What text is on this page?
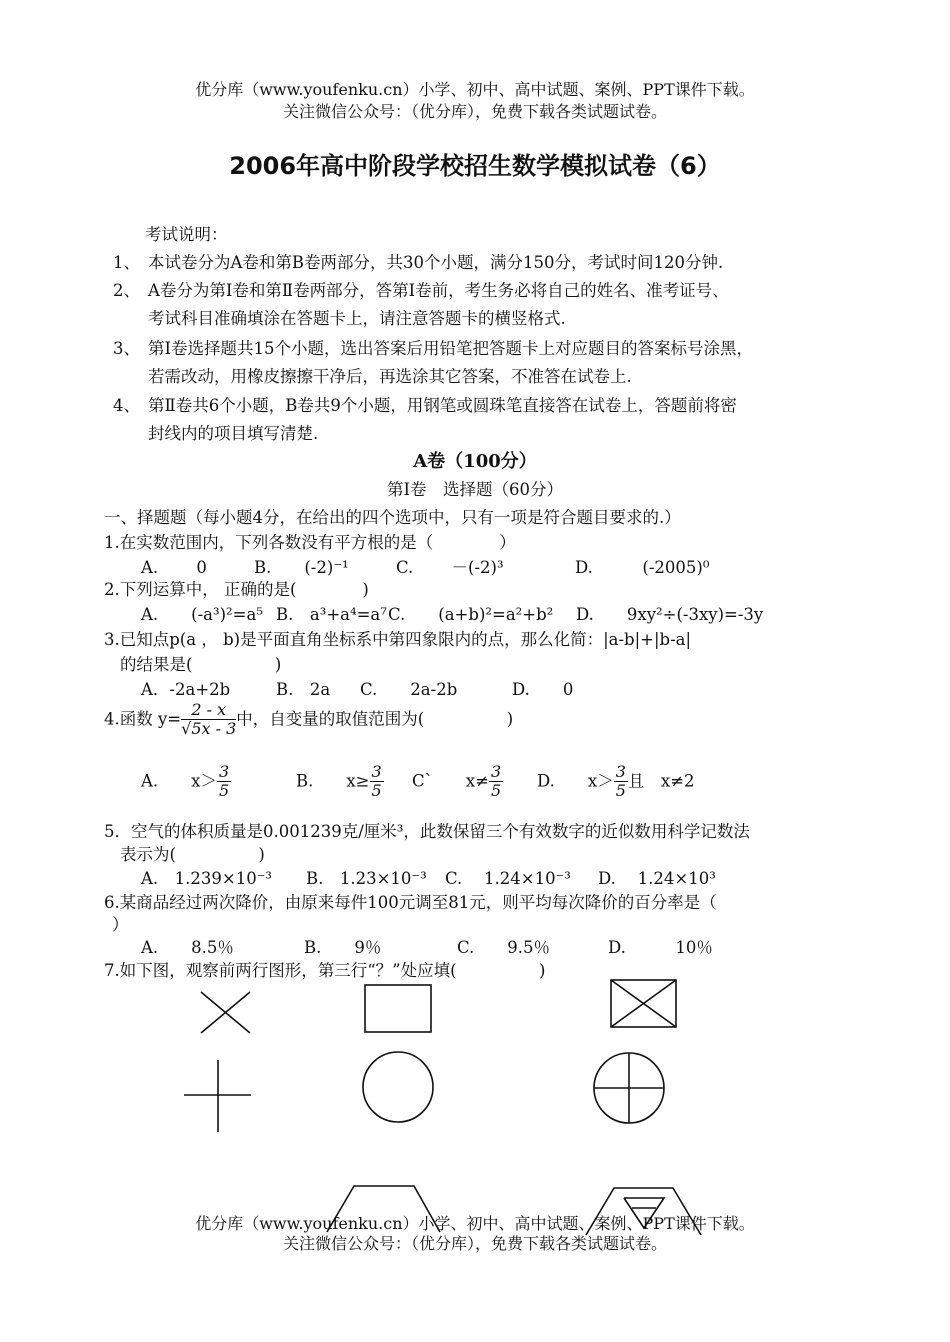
优分库（www.youfenku.cn）小学、初中、高中试题、案例、PPT课件下载。
关注微信公众号：（优分库），免费下载各类试题试卷。
2006年高中阶段学校招生数学模拟试卷（6）
考试说明：
1、 本试卷分为A卷和第B卷两部分，共30个小题，满分150分，考试时间120分钟.
2、 A卷分为第Ⅰ卷和第Ⅱ卷两部分，答第Ⅰ卷前，考生务必将自己的姓名、准考证号、
考试科目准确填涂在答题卡上，请注意答题卡的横竖格式.
3、 第Ⅰ卷选择题共15个小题，选出答案后用铅笔把答题卡上对应题目的答案标号涂黑，
若需改动，用橡皮擦擦干净后，再选涂其它答案，不准答在试卷上.
4、 第Ⅱ卷共6个小题，B卷共9个小题，用钢笔或圆珠笔直接答在试卷上，答题前将密
封线内的项目填写清楚.
A卷（100分）
第Ⅰ卷　选择题（60分）
一、择题题（每小题4分，在给出的四个选项中，只有一项是符合题目要求的.）
1.在实数范围内，下列各数没有平方根的是（　　　　）
A.　　 0	B.　　(-2)⁻¹	C.　　 －(-2)³	D.　　　(-2005)⁰
2.下列运算中， 正确的是(　　　　)
A.　　(-a³)²=a⁵ B.　a³+a⁴=a⁷ C.　　(a+b)²=a²+b² D.　　9xy²÷(-3xy)=-3y
3.已知点p(a ， b)是平面直角坐标系中第四象限内的点，那么化简：|a-b|+|b-a|
的结果是(　　　　　)
A．-2a+2b	B.　2a C.　　2a-2b	D.　　0
4.函数 $y= \frac{2 - x}{√5x - 3}$ 中，自变量的取值范围为(　　　　　)
A.　　$x> \frac{3}{5}$	B.　　$x\ge \frac{3}{5}$ C`　　$x\ne \frac{3}{5} D$.　　$x> \frac{3}{5}$ 且　x≠2
5．空气的体积质量是0.001239克/厘米³，此数保留三个有效数字的近似数用科学记数法
表示为(　　　　　)
A.　1.239×10⁻³ B.　1.23×10⁻³ C.　 1.24×10⁻³ D.　 1.24×10³
6.某商品经过两次降价，由原来每件100元调至81元，则平均每次降价的百分率是（
）
A.　　8.5％	B.　　9％	C.　　9.5％	D.　　　10％
7.如下图，观察前两行图形，第三行“？”处应填(　　　　　)
优分库（www.youfenku.cn）小学、初中、高中试题、案例、PPT课件下载。
关注微信公众号：（优分库），免费下载各类试题试卷。
